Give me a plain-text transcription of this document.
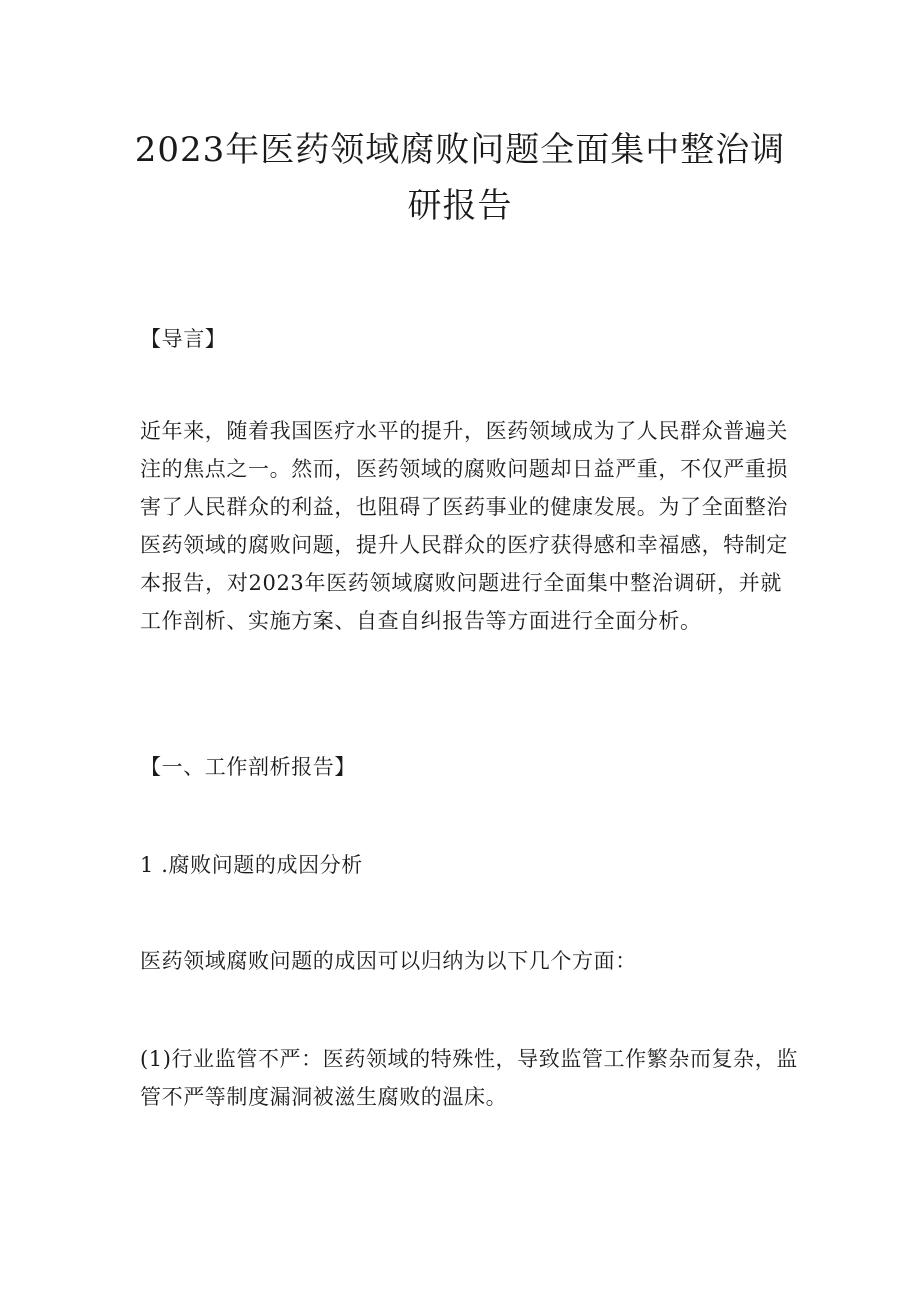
2023年医药领域腐败问题全面集中整治调
研报告

【导言】

近年来，随着我国医疗水平的提升，医药领域成为了人民群众普遍关
注的焦点之一。然而，医药领域的腐败问题却日益严重，不仅严重损
害了人民群众的利益，也阻碍了医药事业的健康发展。为了全面整治
医药领域的腐败问题，提升人民群众的医疗获得感和幸福感，特制定
本报告，对2023年医药领域腐败问题进行全面集中整治调研，并就
工作剖析、实施方案、自查自纠报告等方面进行全面分析。

【一、工作剖析报告】

1 .腐败问题的成因分析

医药领域腐败问题的成因可以归纳为以下几个方面：

(1)行业监管不严：医药领域的特殊性，导致监管工作繁杂而复杂，监
管不严等制度漏洞被滋生腐败的温床。
